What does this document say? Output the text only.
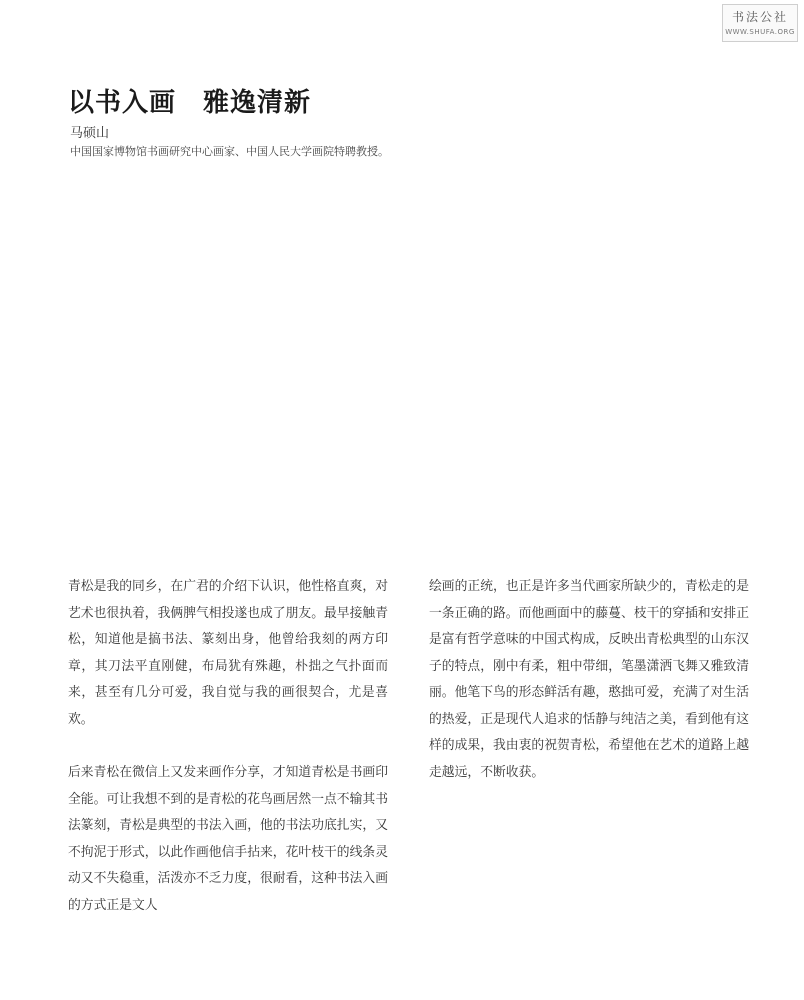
书法公社
WWW.SHUFA.ORG
以书入画　雅逸清新
马硕山
中国国家博物馆书画研究中心画家、中国人民大学画院特聘教授。

青松是我的同乡，在广君的介绍下认识，他性格直爽，对艺术也很执着，我俩脾气相投遂也成了朋友。最早接触青松，知道他是搞书法、篆刻出身，他曾给我刻的两方印章，其刀法平直刚健，布局犹有殊趣，朴拙之气扑面而来，甚至有几分可爱，我自觉与我的画很契合，尤是喜欢。

后来青松在微信上又发来画作分享，才知道青松是书画印全能。可让我想不到的是青松的花鸟画居然一点不输其书法篆刻，青松是典型的书法入画，他的书法功底扎实，又不拘泥于形式，以此作画他信手拈来，花叶枝干的线条灵动又不失稳重，活泼亦不乏力度，很耐看，这种书法入画的方式正是文人

绘画的正统，也正是许多当代画家所缺少的，青松走的是一条正确的路。而他画面中的藤蔓、枝干的穿插和安排正是富有哲学意味的中国式构成，反映出青松典型的山东汉子的特点，刚中有柔，粗中带细，笔墨潇洒飞舞又雅致清丽。他笔下鸟的形态鲜活有趣，憨拙可爱，充满了对生活的热爱，正是现代人追求的恬静与纯洁之美，看到他有这样的成果，我由衷的祝贺青松，希望他在艺术的道路上越走越远，不断收获。
